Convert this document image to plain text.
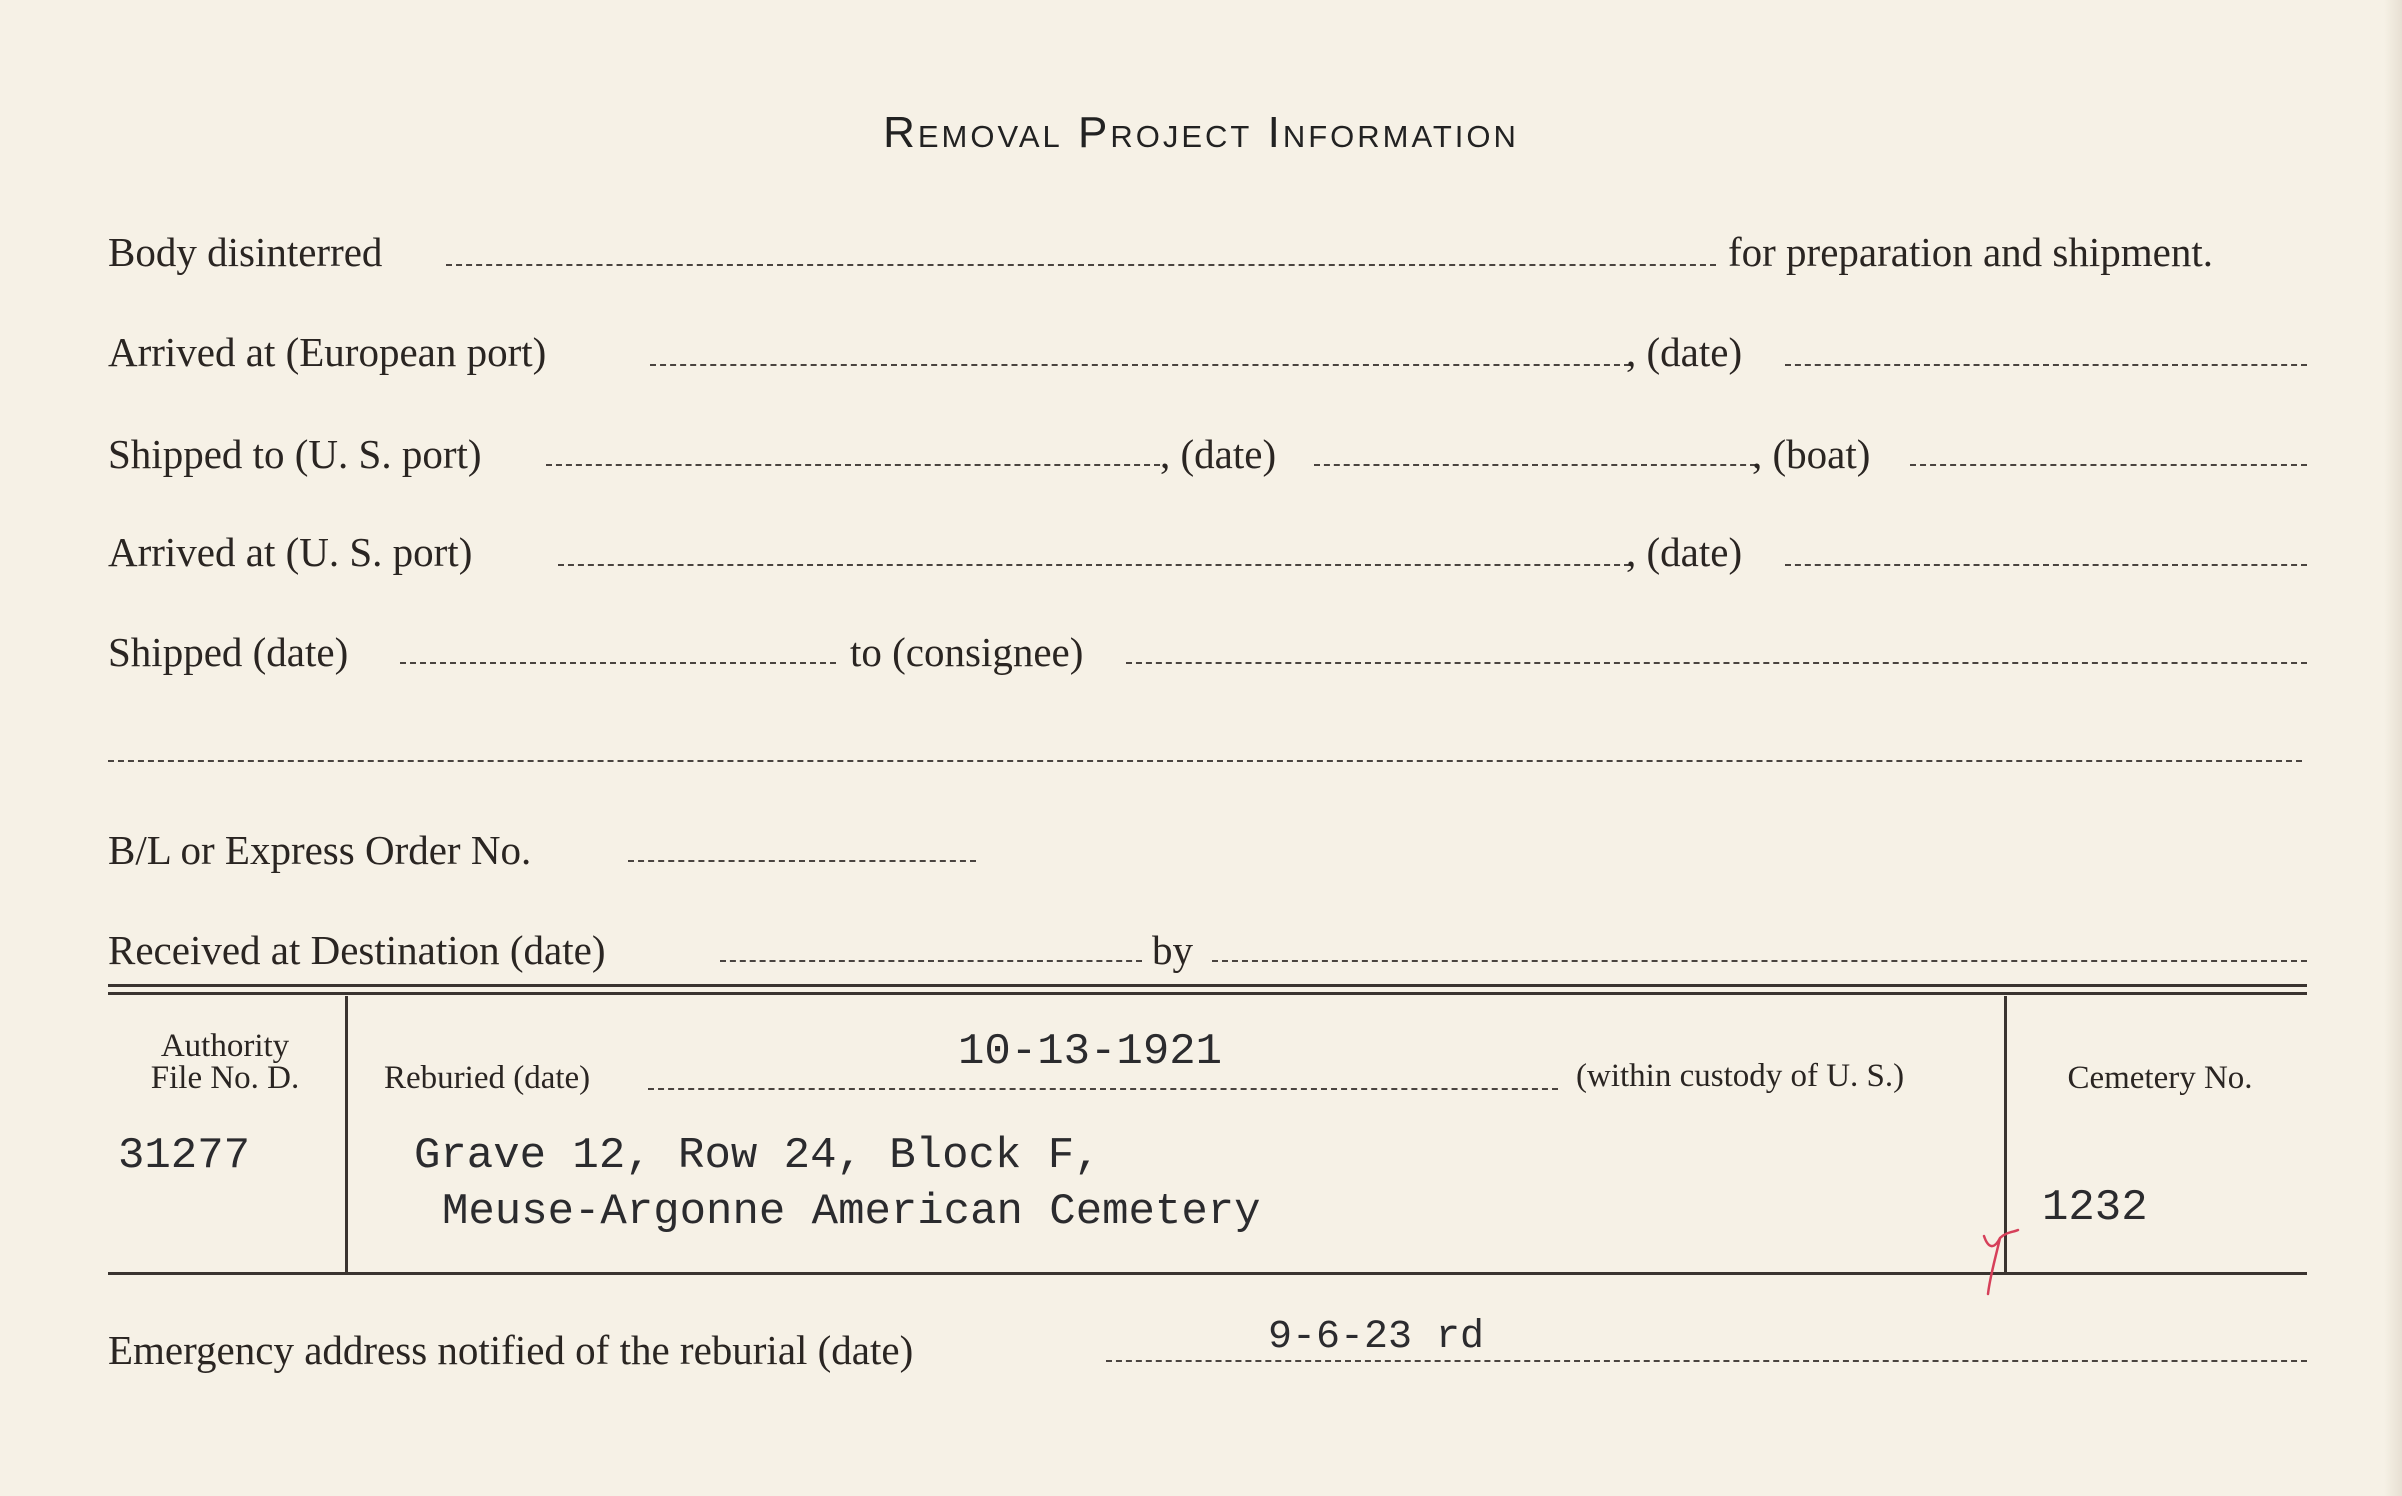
Removal Project Information
Body disinterred	for preparation and shipment.
Arrived at (European port)	, (date)
Shipped to (U. S. port)	, (date)	, (boat)
Arrived at (U. S. port)	, (date)
Shipped (date)	to (consignee)
B/L or Express Order No.
Received at Destination (date)	by
Authority
File No. D.
31277
Reburied (date)
10-13-1921	(within custody of U. S.)
Grave 12, Row 24, Block F,
Meuse-Argonne American Cemetery
Cemetery No.
1232
Emergency address notified of the reburial (date)	9-6-23 rd
